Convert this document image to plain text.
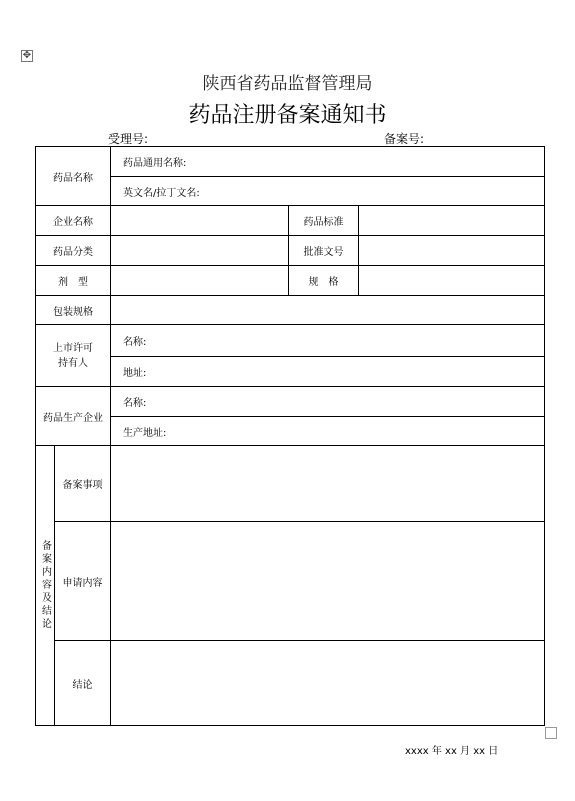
✥
陕西省药品监督管理局
药品注册备案通知书
受理号:	备案号:
药品名称		药品通用名称:		
		英文名/拉丁文名:		
企业名称			药品标准	
药品分类			批准文号	
剂　型			规　格	
包装规格				

上市许可
持有人		名称:		
		地址:		
药品生产企业		名称:		
		生产地址:		

备案内容及结论	备案事项			
	申请内容			
	结论			
xxxx 年 xx 月 xx 日
